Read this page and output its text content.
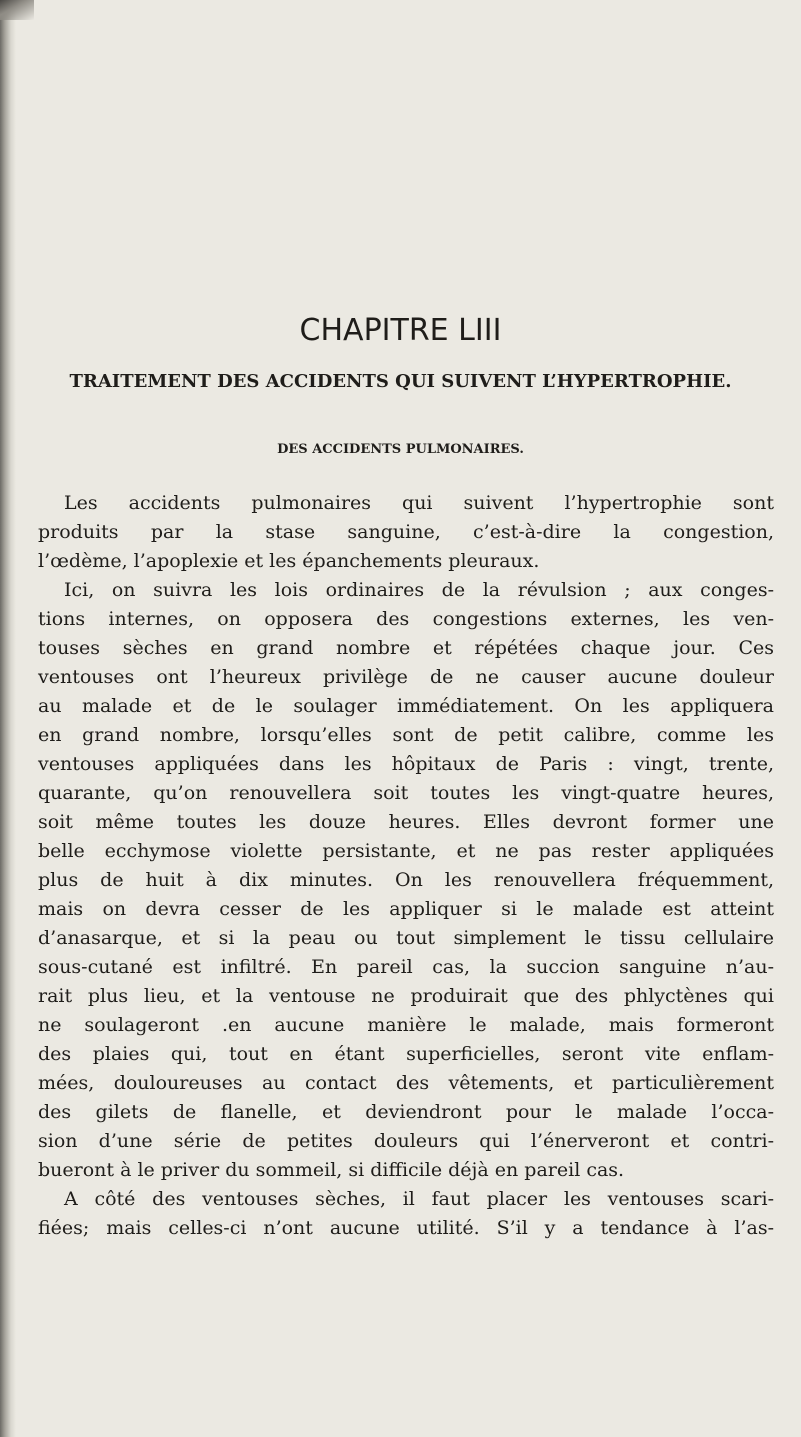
CHAPITRE LIII
TRAITEMENT DES ACCIDENTS QUI SUIVENT L’HYPERTROPHIE.
DES ACCIDENTS PULMONAIRES.
Les accidents pulmonaires qui suivent l’hypertrophie sont
produits par la stase sanguine, c’est-à-dire la congestion,
l’œdème, l’apoplexie et les épanchements pleuraux.
Ici, on suivra les lois ordinaires de la révulsion ; aux conges-
tions internes, on opposera des congestions externes, les ven-
touses sèches en grand nombre et répétées chaque jour. Ces
ventouses ont l’heureux privilège de ne causer aucune douleur
au malade et de le soulager immédiatement. On les appliquera
en grand nombre, lorsqu’elles sont de petit calibre, comme les
ventouses appliquées dans les hôpitaux de Paris : vingt, trente,
quarante, qu’on renouvellera soit toutes les vingt-quatre heures,
soit même toutes les douze heures. Elles devront former une
belle ecchymose violette persistante, et ne pas rester appliquées
plus de huit à dix minutes. On les renouvellera fréquemment,
mais on devra cesser de les appliquer si le malade est atteint
d’anasarque, et si la peau ou tout simplement le tissu cellulaire
sous-cutané est infiltré. En pareil cas, la succion sanguine n’au-
rait plus lieu, et la ventouse ne produirait que des phlyctènes qui
ne soulageront .en aucune manière le malade, mais formeront
des plaies qui, tout en étant superficielles, seront vite enflam-
mées, douloureuses au contact des vêtements, et particulièrement
des gilets de flanelle, et deviendront pour le malade l’occa-
sion d’une série de petites douleurs qui l’énerveront et contri-
bueront à le priver du sommeil, si difficile déjà en pareil cas.
A côté des ventouses sèches, il faut placer les ventouses scari-
fiées; mais celles-ci n’ont aucune utilité. S’il y a tendance à l’as-
